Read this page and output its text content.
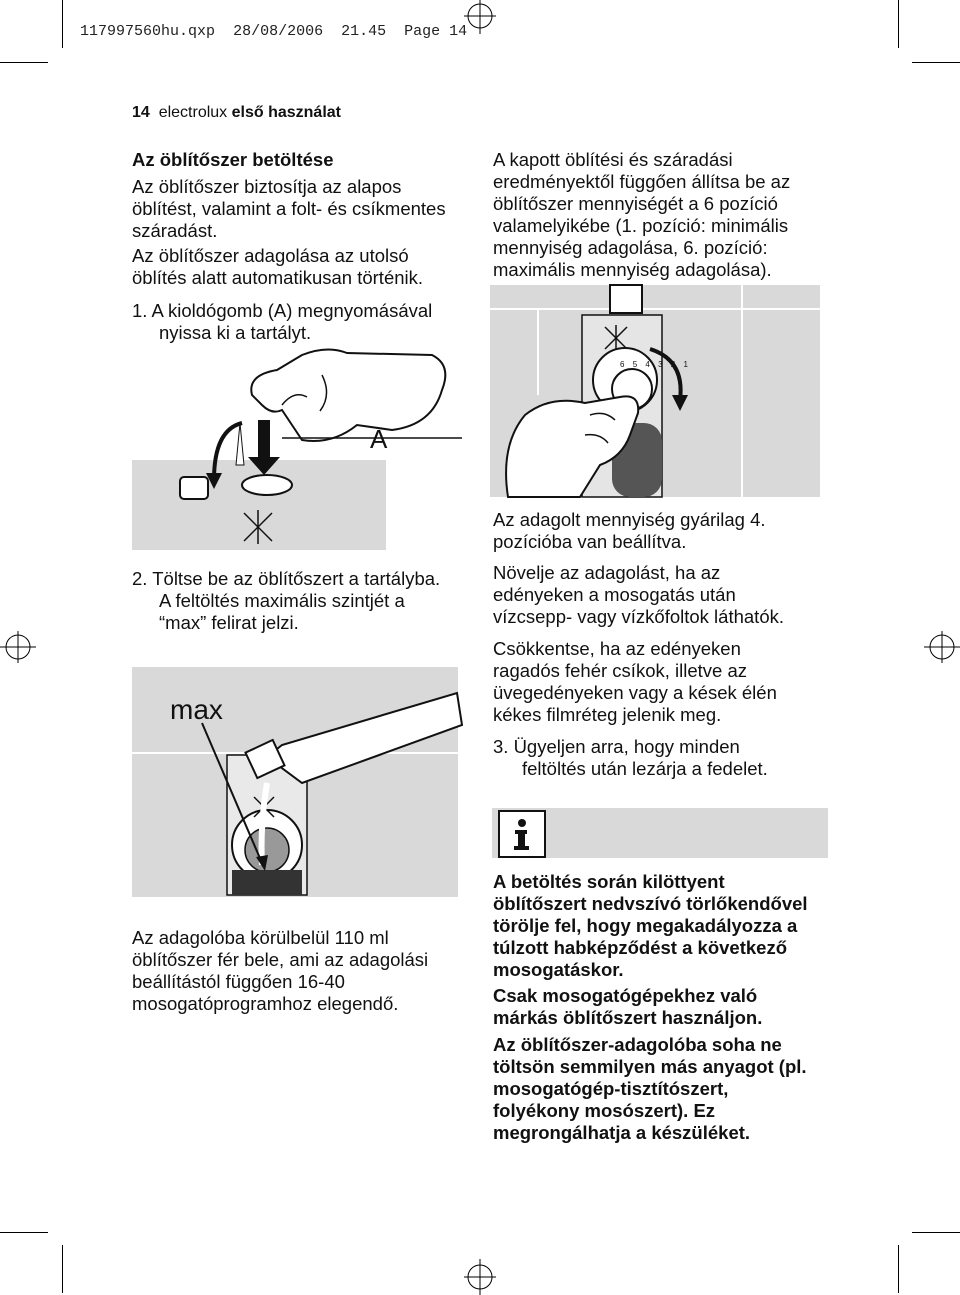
117997560hu.qxp 28/08/2006 21.45 Page 14

14 electrolux első használat
Az öblítőszer betöltése
Az öblítőszer biztosítja az alapos
öblítést, valamint a folt- és csíkmentes
száradást.
Az öblítőszer adagolása az utolsó
öblítés alatt automatikusan történik.
1. A kioldógomb (A) megnyomásával
nyissa ki a tartályt.
A
2. Töltse be az öblítőszert a tartályba.
A feltöltés maximális szintjét a
“max” felirat jelzi.
max
Az adagolóba körülbelül 110 ml
öblítőszer fér bele, ami az adagolási
beállítástól függően 16-40
mosogatóprogramhoz elegendő.
A kapott öblítési és száradási
eredményektől függően állítsa be az
öblítőszer mennyiségét a 6 pozíció
valamelyikébe (1. pozíció: minimális
mennyiség adagolása, 6. pozíció:
maximális mennyiség adagolása).
6 5 4 3 2 1
Az adagolt mennyiség gyárilag 4.
pozícióba van beállítva.
Növelje az adagolást, ha az
edényeken a mosogatás után
vízcsepp- vagy vízkőfoltok láthatók.
Csökkentse, ha az edényeken
ragadós fehér csíkok, illetve az
üvegedényeken vagy a kések élén
kékes filmréteg jelenik meg.
3. Ügyeljen arra, hogy minden
feltöltés után lezárja a fedelet.
A betöltés során kilöttyent
öblítőszert nedvszívó törlőkendővel
törölje fel, hogy megakadályozza a
túlzott habképződést a következő
mosogatáskor.
Csak mosogatógépekhez való
márkás öblítőszert használjon.
Az öblítőszer-adagolóba soha ne
töltsön semmilyen más anyagot (pl.
mosogatógép-tisztítószert,
folyékony mosószert). Ez
megrongálhatja a készüléket.
